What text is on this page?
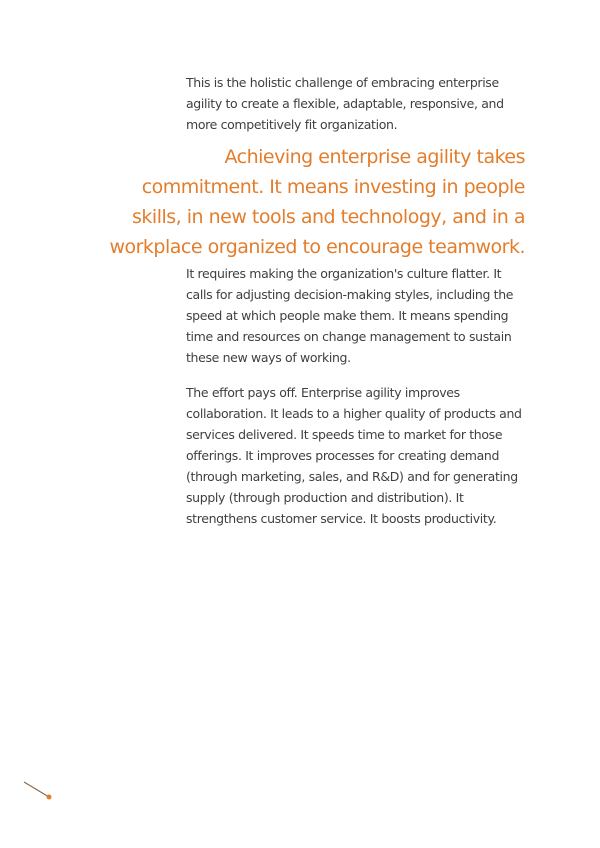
This is the holistic challenge of embracing enterprise agility to create a flexible, adaptable, responsive, and more competitively fit organization.

Achieving enterprise agility takes commitment. It means investing in people skills, in new tools and technology, and in a workplace organized to encourage teamwork.

It requires making the organization's culture flatter. It calls for adjusting decision-making styles, including the speed at which people make them. It means spending time and resources on change management to sustain these new ways of working.

The effort pays off. Enterprise agility improves collaboration. It leads to a higher quality of products and services delivered. It speeds time to market for those offerings. It improves processes for creating demand (through marketing, sales, and R&D) and for generating supply (through production and distribution). It strengthens customer service. It boosts productivity.
